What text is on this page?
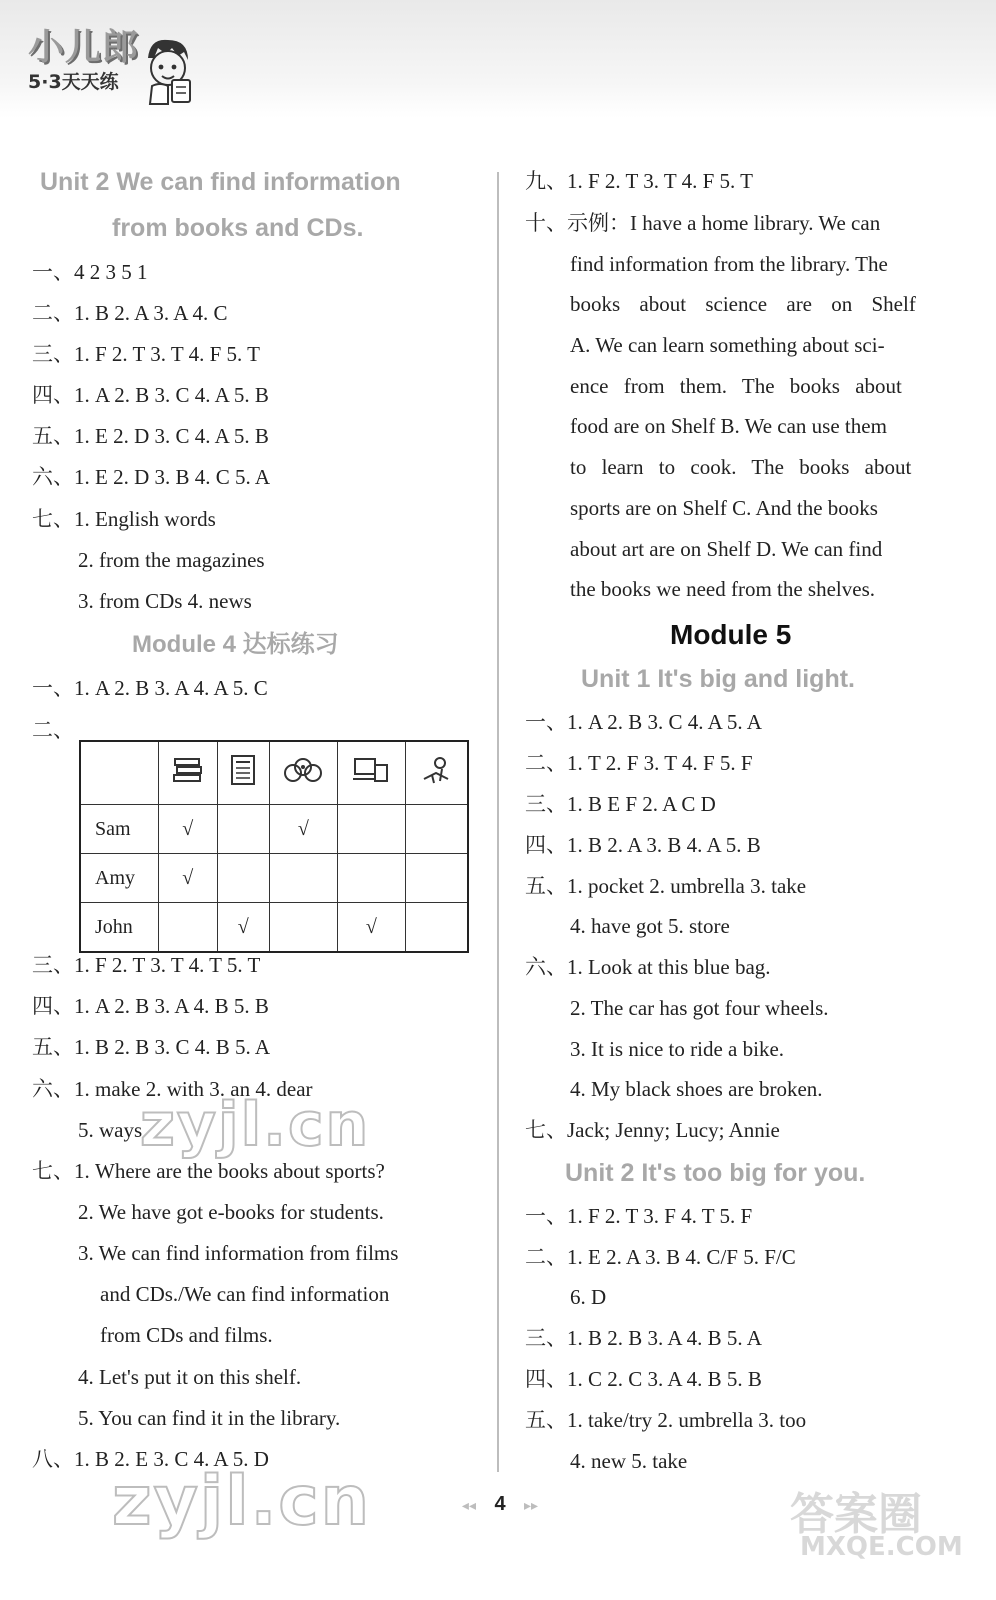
小儿郎
5·3天天练
Unit 2 We can find information
from books and CDs.
一、4 2 3 5 1
二、1. B 2. A 3. A 4. C
三、1. F 2. T 3. T 4. F 5. T
四、1. A 2. B 3. C 4. A 5. B
五、1. E 2. D 3. C 4. A 5. B
六、1. E 2. D 3. B 4. C 5. A
七、1. English words
2. from the magazines
3. from CDs 4. news
Module 4 达标练习
一、1. A 2. B 3. A 4. A 5. C
二、

Sam	√		√		
Amy	√				
John		√		√	
三、1. F 2. T 3. T 4. T 5. T
四、1. A 2. B 3. A 4. B 5. B
五、1. B 2. B 3. C 4. B 5. A
六、1. make 2. with 3. an 4. dear
5. ways
七、1. Where are the books about sports?
2. We have got e-books for students.
3. We can find information from films
and CDs./We can find information
from CDs and films.
4. Let's put it on this shelf.
5. You can find it in the library.
八、1. B 2. E 3. C 4. A 5. D
九、1. F 2. T 3. T 4. F 5. T
十、示例：I have a home library. We can
find information from the library. The
books about science are on Shelf
A. We can learn something about sci-
ence from them. The books about
food are on Shelf B. We can use them
to learn to cook. The books about
sports are on Shelf C. And the books
about art are on Shelf D. We can find
the books we need from the shelves.
Module 5
Unit 1 It's big and light.
一、1. A 2. B 3. C 4. A 5. A
二、1. T 2. F 3. T 4. F 5. F
三、1. B E F 2. A C D
四、1. B 2. A 3. B 4. A 5. B
五、1. pocket 2. umbrella 3. take
4. have got 5. store
六、1. Look at this blue bag.
2. The car has got four wheels.
3. It is nice to ride a bike.
4. My black shoes are broken.
七、Jack; Jenny; Lucy; Annie
Unit 2 It's too big for you.
一、1. F 2. T 3. F 4. T 5. F
二、1. E 2. A 3. B 4. C/F 5. F/C
6. D
三、1. B 2. B 3. A 4. B 5. A
四、1. C 2. C 3. A 4. B 5. B
五、1. take/try 2. umbrella 3. too
4. new 5. take
◂◂ 4 ▸▸
zyjl.cn
zyjl.cn	答案圈
MXQE.COM
